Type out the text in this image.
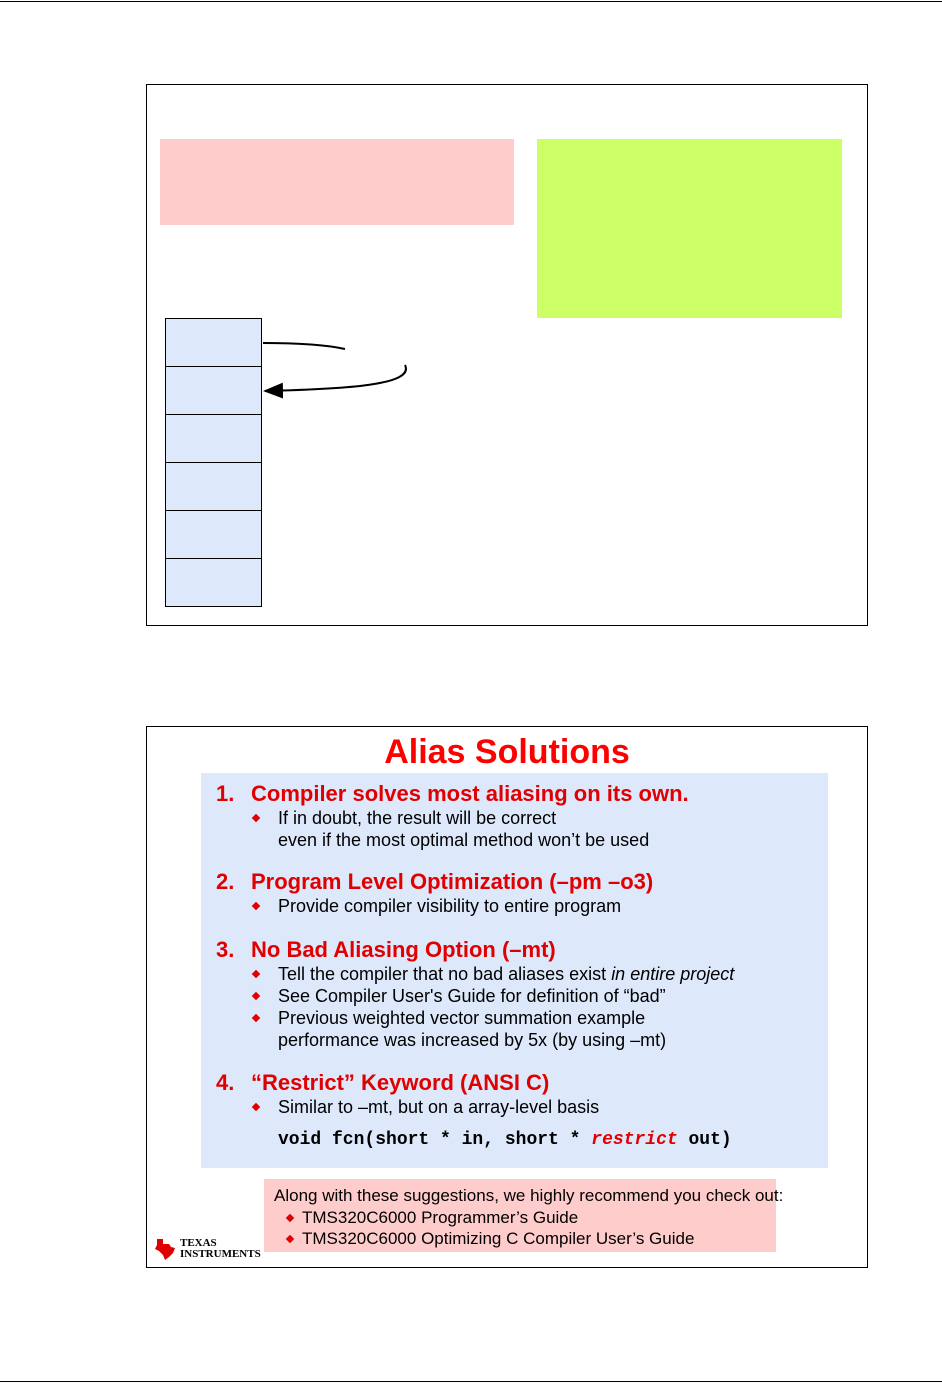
Alias Solutions
1. Compiler solves most aliasing on its own.
If in doubt, the result will be correct
even if the most optimal method won’t be used
2. Program Level Optimization (–pm –o3)
Provide compiler visibility to entire program
3. No Bad Aliasing Option (–mt)
Tell the compiler that no bad aliases exist in entire project
See Compiler User's Guide for definition of “bad”
Previous weighted vector summation example
performance was increased by 5x (by using –mt)
4. “Restrict” Keyword (ANSI C)
Similar to –mt, but on a array-level basis
void fcn(short * in, short * restrict out)
Along with these suggestions, we highly recommend you check out:
TMS320C6000 Programmer’s Guide
TMS320C6000 Optimizing C Compiler User’s Guide
TEXAS
INSTRUMENTS
